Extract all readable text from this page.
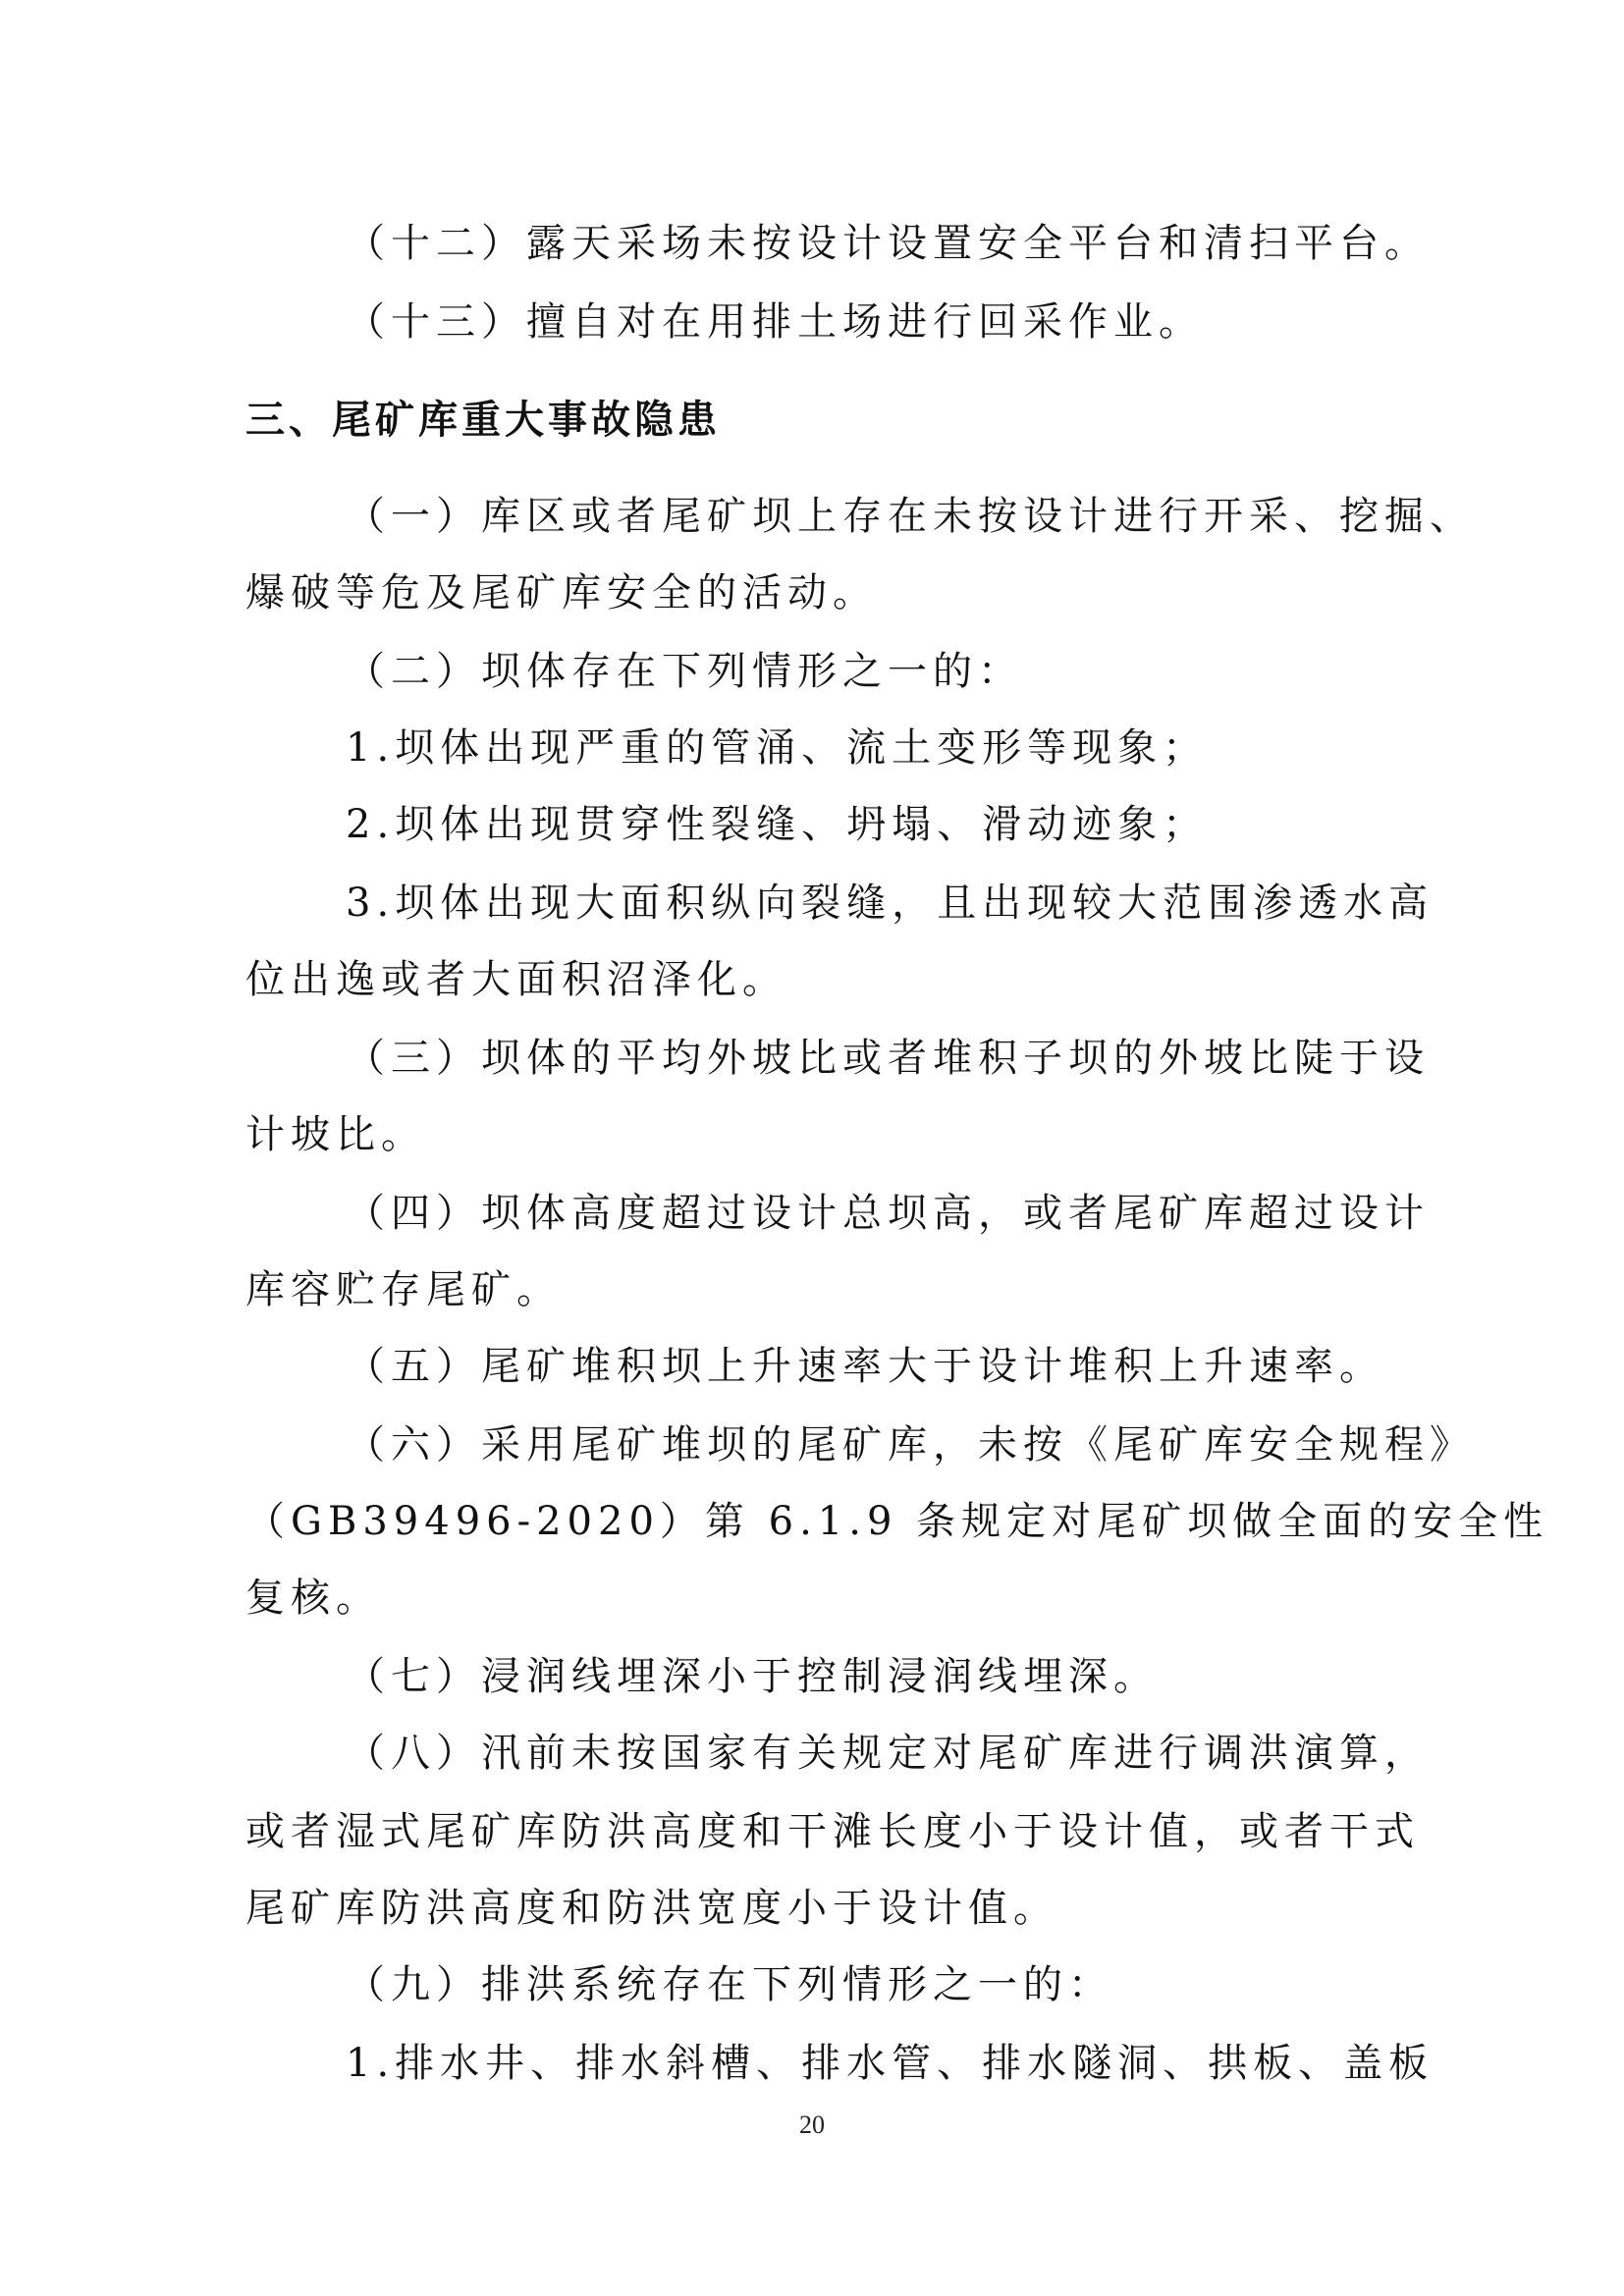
（十二）露天采场未按设计设置安全平台和清扫平台。
（十三）擅自对在用排土场进行回采作业。
三、尾矿库重大事故隐患
（一）库区或者尾矿坝上存在未按设计进行开采、挖掘、
爆破等危及尾矿库安全的活动。
（二）坝体存在下列情形之一的：
1.坝体出现严重的管涌、流土变形等现象；
2.坝体出现贯穿性裂缝、坍塌、滑动迹象；
3.坝体出现大面积纵向裂缝，且出现较大范围渗透水高
位出逸或者大面积沼泽化。
（三）坝体的平均外坡比或者堆积子坝的外坡比陡于设
计坡比。
（四）坝体高度超过设计总坝高，或者尾矿库超过设计
库容贮存尾矿。
（五）尾矿堆积坝上升速率大于设计堆积上升速率。
（六）采用尾矿堆坝的尾矿库，未按《尾矿库安全规程》
（GB39496-2020）第 6.1.9 条规定对尾矿坝做全面的安全性
复核。
（七）浸润线埋深小于控制浸润线埋深。
（八）汛前未按国家有关规定对尾矿库进行调洪演算，
或者湿式尾矿库防洪高度和干滩长度小于设计值，或者干式
尾矿库防洪高度和防洪宽度小于设计值。
（九）排洪系统存在下列情形之一的：
1.排水井、排水斜槽、排水管、排水隧洞、拱板、盖板
20
